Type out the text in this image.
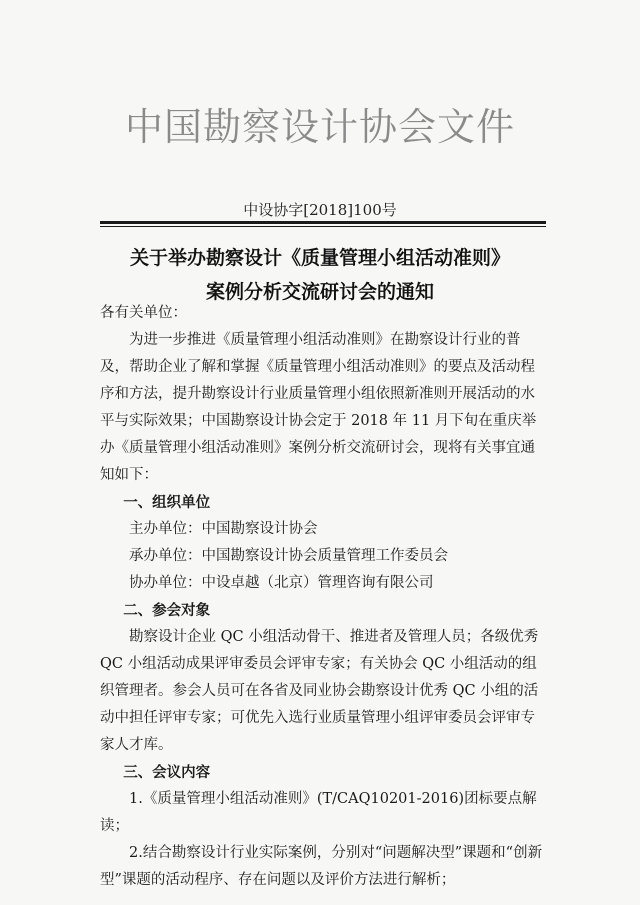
中国勘察设计协会文件
中设协字[2018]100号
关于举办勘察设计《质量管理小组活动准则》
案例分析交流研讨会的通知

各有关单位：

为进一步推进《质量管理小组活动准则》在勘察设计行业的普及，帮助企业了解和掌握《质量管理小组活动准则》的要点及活动程序和方法，提升勘察设计行业质量管理小组依照新准则开展活动的水平与实际效果；中国勘察设计协会定于 2018 年 11 月下旬在重庆举办《质量管理小组活动准则》案例分析交流研讨会，现将有关事宜通知如下：

一、组织单位

主办单位：中国勘察设计协会

承办单位：中国勘察设计协会质量管理工作委员会

协办单位：中设卓越（北京）管理咨询有限公司

二、参会对象

勘察设计企业 QC 小组活动骨干、推进者及管理人员；各级优秀 QC 小组活动成果评审委员会评审专家；有关协会 QC 小组活动的组织管理者。参会人员可在各省及同业协会勘察设计优秀 QC 小组的活动中担任评审专家；可优先入选行业质量管理小组评审委员会评审专家人才库。

三、会议内容

1.《质量管理小组活动准则》(T/CAQ10201-2016)团标要点解读；

2.结合勘察设计行业实际案例，分别对“问题解决型”课题和“创新型”课题的活动程序、存在问题以及评价方法进行解析；
